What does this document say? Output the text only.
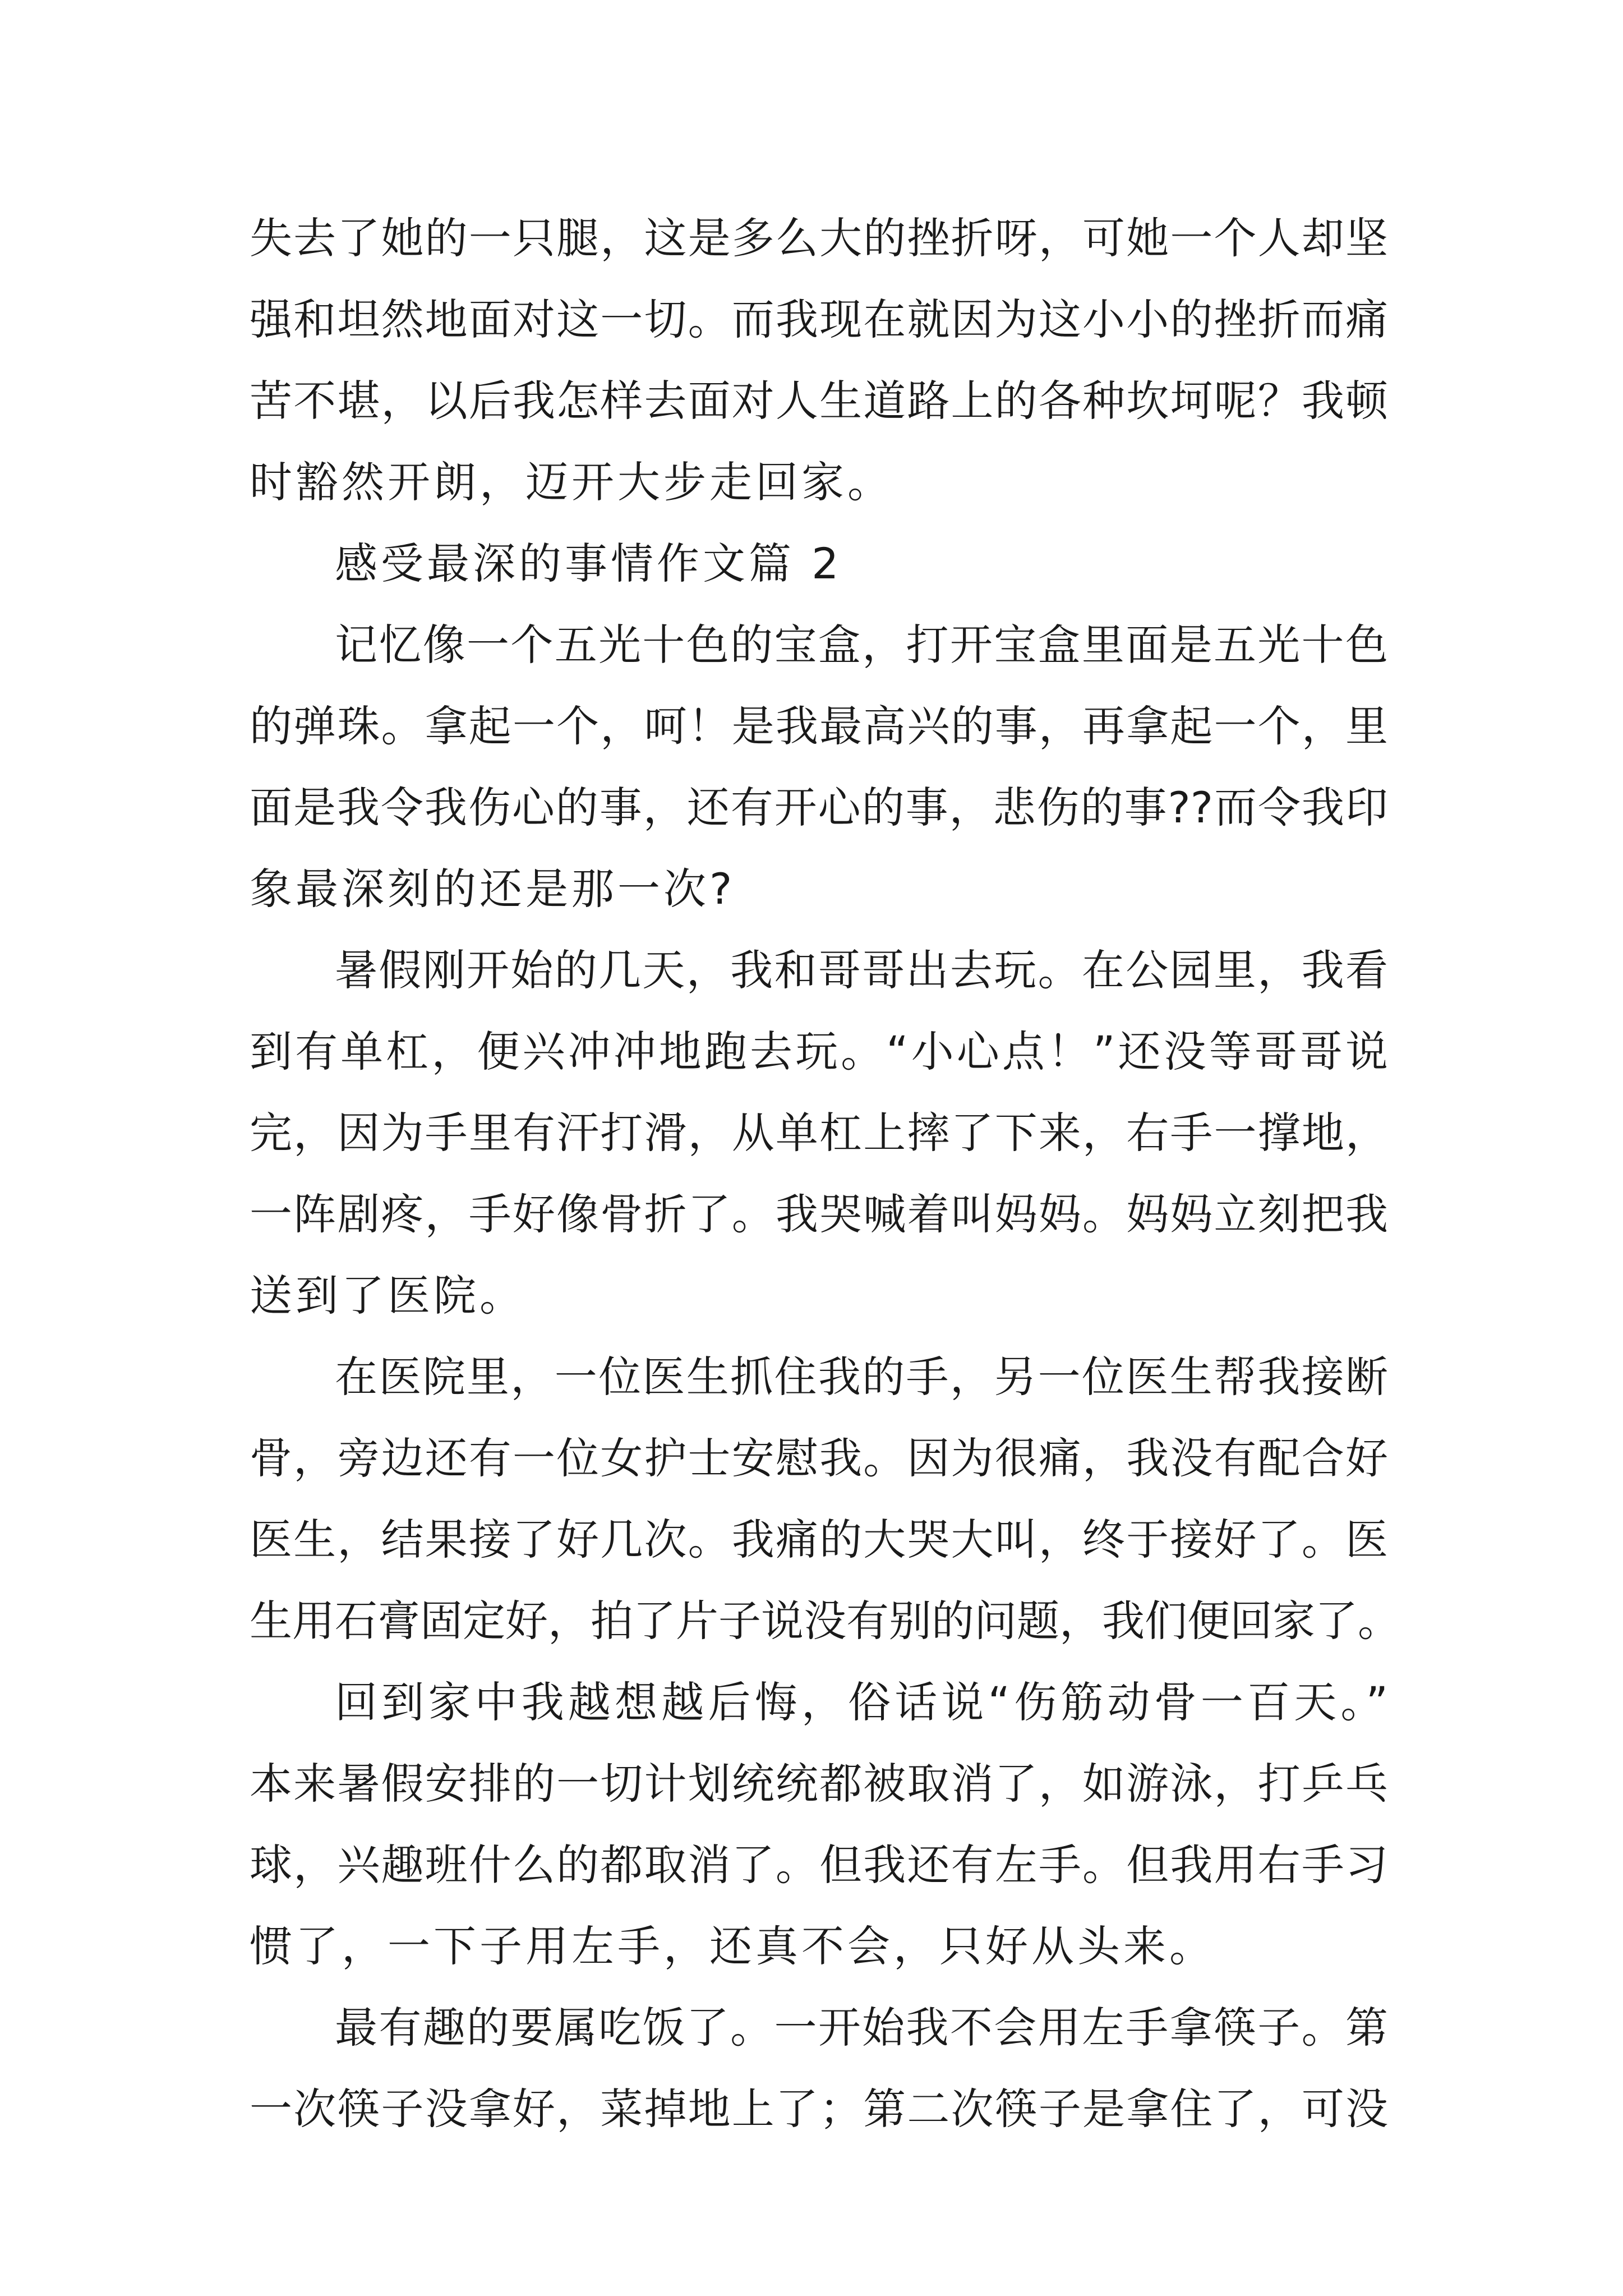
失去了她的一只腿，这是多么大的挫折呀，可她一个人却坚
强和坦然地面对这一切。而我现在就因为这小小的挫折而痛
苦不堪，以后我怎样去面对人生道路上的各种坎坷呢？我顿
时豁然开朗，迈开大步走回家。
感受最深的事情作文篇 2
记忆像一个五光十色的宝盒，打开宝盒里面是五光十色
的弹珠。拿起一个，呵！是我最高兴的事，再拿起一个，里
面是我令我伤心的事，还有开心的事，悲伤的事??而令我印
象最深刻的还是那一次?
暑假刚开始的几天，我和哥哥出去玩。在公园里，我看
到有单杠，便兴冲冲地跑去玩。“小心点！”还没等哥哥说
完，因为手里有汗打滑，从单杠上摔了下来，右手一撑地，
一阵剧疼，手好像骨折了。我哭喊着叫妈妈。妈妈立刻把我
送到了医院。
在医院里，一位医生抓住我的手，另一位医生帮我接断
骨，旁边还有一位女护士安慰我。因为很痛，我没有配合好
医生，结果接了好几次。我痛的大哭大叫，终于接好了。医
生用石膏固定好，拍了片子说没有别的问题，我们便回家了。
回到家中我越想越后悔，俗话说“伤筋动骨一百天。”
本来暑假安排的一切计划统统都被取消了，如游泳，打乒乓
球，兴趣班什么的都取消了。但我还有左手。但我用右手习
惯了，一下子用左手，还真不会，只好从头来。
最有趣的要属吃饭了。一开始我不会用左手拿筷子。第
一次筷子没拿好，菜掉地上了；第二次筷子是拿住了，可没
